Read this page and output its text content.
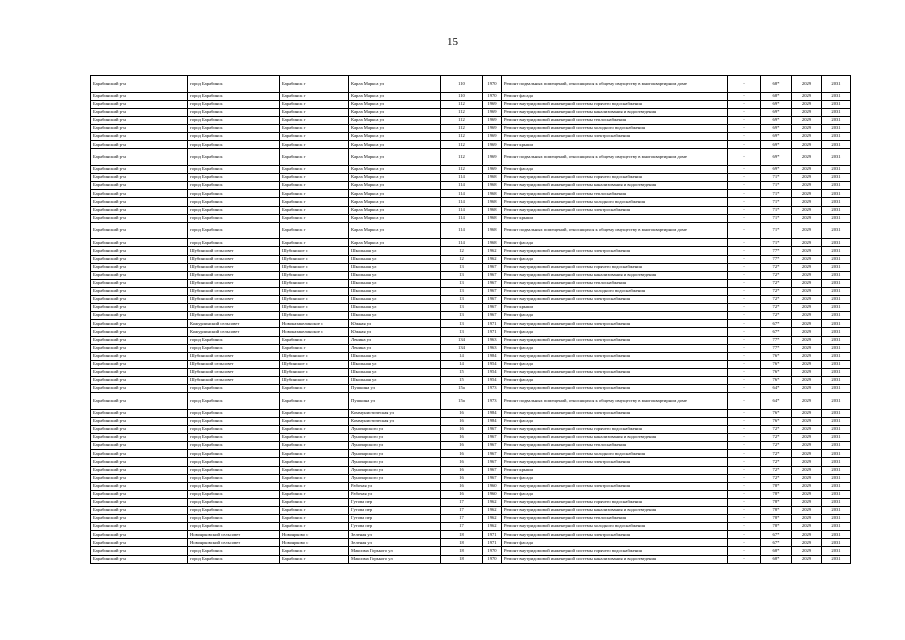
15
Барабинский р-н	город Барабинск	Барабинск г	Карла Маркса ул	110	1970	Ремонт подвальных помещений, относящихся к общему имуществу в многоквартирном доме	-	68*	2029	2031
Барабинский р-н	город Барабинск	Барабинск г	Карла Маркса ул	110	1970	Ремонт фасада	-	68*	2029	2031
Барабинский р-н	город Барабинск	Барабинск г	Карла Маркса ул	112	1969	Ремонт внутридомовой инженерной системы горячего водоснабжения	-	69*	2029	2031
Барабинский р-н	город Барабинск	Барабинск г	Карла Маркса ул	112	1969	Ремонт внутридомовой инженерной системы канализования и водоотведения	-	69*	2029	2031
Барабинский р-н	город Барабинск	Барабинск г	Карла Маркса ул	112	1969	Ремонт внутридомовой инженерной системы теплоснабжения	-	69*	2029	2031
Барабинский р-н	город Барабинск	Барабинск г	Карла Маркса ул	112	1969	Ремонт внутридомовой инженерной системы холодного водоснабжения	-	69*	2029	2031
Барабинский р-н	город Барабинск	Барабинск г	Карла Маркса ул	112	1969	Ремонт внутридомовой инженерной системы электроснабжения	-	69*	2029	2031
Барабинский р-н	город Барабинск	Барабинск г	Карла Маркса ул	112	1969	Ремонт крыши	-	69*	2029	2031
Барабинский р-н	город Барабинск	Барабинск г	Карла Маркса ул	112	1969	Ремонт подвальных помещений, относящихся к общему имуществу в многоквартирном доме	-	69*	2029	2031
Барабинский р-н	город Барабинск	Барабинск г	Карла Маркса ул	112	1969	Ремонт фасада	-	69*	2029	2031
Барабинский р-н	город Барабинск	Барабинск г	Карла Маркса ул	114	1968	Ремонт внутридомовой инженерной системы горячего водоснабжения	-	71*	2029	2031
Барабинский р-н	город Барабинск	Барабинск г	Карла Маркса ул	114	1968	Ремонт внутридомовой инженерной системы канализования и водоотведения	-	71*	2029	2031
Барабинский р-н	город Барабинск	Барабинск г	Карла Маркса ул	114	1968	Ремонт внутридомовой инженерной системы теплоснабжения	-	71*	2029	2031
Барабинский р-н	город Барабинск	Барабинск г	Карла Маркса ул	114	1968	Ремонт внутридомовой инженерной системы холодного водоснабжения	-	71*	2029	2031
Барабинский р-н	город Барабинск	Барабинск г	Карла Маркса ул	114	1968	Ремонт внутридомовой инженерной системы электроснабжения	-	71*	2029	2031
Барабинский р-н	город Барабинск	Барабинск г	Карла Маркса ул	114	1968	Ремонт крыши	-	71*	2029	2031
Барабинский р-н	город Барабинск	Барабинск г	Карла Маркса ул	114	1968	Ремонт подвальных помещений, относящихся к общему имуществу в многоквартирном доме	-	71*	2029	2031
Барабинский р-н	город Барабинск	Барабинск г	Карла Маркса ул	114	1968	Ремонт фасада	-	71*	2029	2031
Барабинский р-н	Шубинский сельсовет	Шубинское с	Школьная ул	12	1962	Ремонт внутридомовой инженерной системы электроснабжения	-	77*	2029	2031
Барабинский р-н	Шубинский сельсовет	Шубинское с	Школьная ул	12	1962	Ремонт фасада	-	77*	2029	2031
Барабинский р-н	Шубинский сельсовет	Шубинское с	Школьная ул	13	1967	Ремонт внутридомовой инженерной системы горячего водоснабжения	-	72*	2029	2031
Барабинский р-н	Шубинский сельсовет	Шубинское с	Школьная ул	13	1967	Ремонт внутридомовой инженерной системы канализования и водоотведения	-	72*	2029	2031
Барабинский р-н	Шубинский сельсовет	Шубинское с	Школьная ул	13	1967	Ремонт внутридомовой инженерной системы теплоснабжения	-	72*	2029	2031
Барабинский р-н	Шубинский сельсовет	Шубинское с	Школьная ул	13	1967	Ремонт внутридомовой инженерной системы холодного водоснабжения	-	72*	2029	2031
Барабинский р-н	Шубинский сельсовет	Шубинское с	Школьная ул	13	1967	Ремонт внутридомовой инженерной системы электроснабжения	-	72*	2029	2031
Барабинский р-н	Шубинский сельсовет	Шубинское с	Школьная ул	13	1967	Ремонт крыши	-	72*	2029	2031
Барабинский р-н	Шубинский сельсовет	Шубинское с	Школьная ул	13	1967	Ремонт фасада	-	72*	2029	2031
Барабинский р-н	Кожурлинский сельсовет	Новоказакелинское с	Южная ул	13	1971	Ремонт внутридомовой инженерной системы электроснабжения	-	67*	2029	2031
Барабинский р-н	Кожурлинский сельсовет	Новоказакелинское с	Южная ул	13	1971	Ремонт фасада	-	67*	2029	2031
Барабинский р-н	город Барабинск	Барабинск г	Ленина ул	134	1963	Ремонт внутридомовой инженерной системы электроснабжения	-	77*	2029	2031
Барабинский р-н	город Барабинск	Барабинск г	Ленина ул	134	1963	Ремонт фасада	-	77*	2029	2031
Барабинский р-н	Шубинский сельсовет	Шубинское с	Школьная ул	14	1984	Ремонт внутридомовой инженерной системы электроснабжения	-	76*	2029	2031
Барабинский р-н	Шубинский сельсовет	Шубинское с	Школьная ул	14	1954	Ремонт фасада	-	76*	2029	2031
Барабинский р-н	Шубинский сельсовет	Шубинское с	Школьная ул	15	1954	Ремонт внутридомовой инженерной системы электроснабжения	-	76*	2029	2031
Барабинский р-н	Шубинский сельсовет	Шубинское с	Школьная ул	15	1954	Ремонт фасада	-	76*	2029	2031
Барабинский р-н	город Барабинск	Барабинск г	Пушкина ул	15а	1973	Ремонт внутридомовой инженерной системы электроснабжения	-	64*	2029	2031
Барабинский р-н	город Барабинск	Барабинск г	Пушкина ул	15а	1973	Ремонт подвальных помещений, относящихся к общему имуществу в многоквартирном доме	-	64*	2029	2031
Барабинский р-н	город Барабинск	Барабинск г	Коммунистическая ул	16	1984	Ремонт внутридомовой инженерной системы электроснабжения	-	76*	2029	2031
Барабинский р-н	город Барабинск	Барабинск г	Коммунистическая ул	16	1984	Ремонт фасада	-	76*	2029	2031
Барабинский р-н	город Барабинск	Барабинск г	Луначарского ул	16	1967	Ремонт внутридомовой инженерной системы горячего водоснабжения	-	72*	2029	2031
Барабинский р-н	город Барабинск	Барабинск г	Луначарского ул	16	1967	Ремонт внутридомовой инженерной системы канализования и водоотведения	-	72*	2029	2031
Барабинский р-н	город Барабинск	Барабинск г	Луначарского ул	16	1967	Ремонт внутридомовой инженерной системы теплоснабжения	-	72*	2029	2031
Барабинский р-н	город Барабинск	Барабинск г	Луначарского ул	16	1967	Ремонт внутридомовой инженерной системы холодного водоснабжения	-	72*	2029	2031
Барабинский р-н	город Барабинск	Барабинск г	Луначарского ул	16	1967	Ремонт внутридомовой инженерной системы электроснабжения	-	72*	2029	2031
Барабинский р-н	город Барабинск	Барабинск г	Луначарского ул	16	1967	Ремонт крыши	-	72*	2029	2031
Барабинский р-н	город Барабинск	Барабинск г	Луначарского ул	16	1967	Ремонт фасада	-	72*	2029	2031
Барабинский р-н	город Барабинск	Барабинск г	Рабочая ул	16	1960	Ремонт внутридомовой инженерной системы электроснабжения	-	78*	2029	2031
Барабинский р-н	город Барабинск	Барабинск г	Рабочая ул	16	1960	Ремонт фасада	-	78*	2029	2031
Барабинский р-н	город Барабинск	Барабинск г	Гутова пер	17	1962	Ремонт внутридомовой инженерной системы горячего водоснабжения	-	78*	2029	2031
Барабинский р-н	город Барабинск	Барабинск г	Гутова пер	17	1962	Ремонт внутридомовой инженерной системы канализования и водоотведения	-	78*	2029	2031
Барабинский р-н	город Барабинск	Барабинск г	Гутова пер	17	1962	Ремонт внутридомовой инженерной системы теплоснабжения	-	78*	2029	2031
Барабинский р-н	город Барабинск	Барабинск г	Гутова пер	17	1962	Ремонт внутридомовой инженерной системы холодного водоснабжения	-	78*	2029	2031
Барабинский р-н	Новоярковский сельсовет	Новоярково с	Зеленая ул	18	1971	Ремонт внутридомовой инженерной системы электроснабжения	-	67*	2029	2031
Барабинский р-н	Новоярковский сельсовет	Новоярково с	Зеленая ул	18	1971	Ремонт фасада	-	67*	2029	2031
Барабинский р-н	город Барабинск	Барабинск г	Максима Горького ул	18	1970	Ремонт внутридомовой инженерной системы горячего водоснабжения	-	68*	2029	2031
Барабинский р-н	город Барабинск	Барабинск г	Максима Горького ул	18	1970	Ремонт внутридомовой инженерной системы канализования и водоотведения	-	68*	2029	2031
